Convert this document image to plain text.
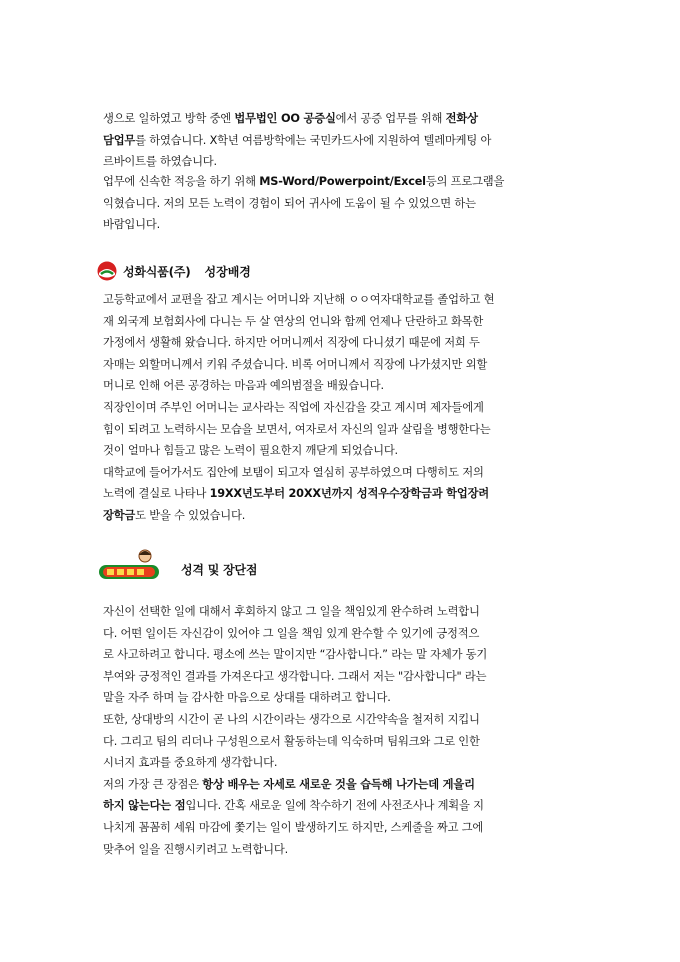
생으로 일하였고 방학 중엔 법무법인 OO 공증실에서 공증 업무를 위해 전화상
담업무를 하였습니다. X학년 여름방학에는 국민카드사에 지원하여 텔레마케팅 아
르바이트를 하였습니다.
업무에 신속한 적응을 하기 위해 MS-Word/Powerpoint/Excel등의 프로그램을
익혔습니다. 저의 모든 노력이 경험이 되어 귀사에 도움이 될 수 있었으면 하는
바람입니다.
성화식품(주) 성장배경
고등학교에서 교편을 잡고 계시는 어머니와 지난해 ㅇㅇ여자대학교를 졸업하고 현
재 외국계 보험회사에 다니는 두 살 연상의 언니와 함께 언제나 단란하고 화목한
가정에서 생활해 왔습니다. 하지만 어머니께서 직장에 다니셨기 때문에 저희 두
자매는 외할머니께서 키워 주셨습니다. 비록 어머니께서 직장에 나가셨지만 외할
머니로 인해 어른 공경하는 마음과 예의범절을 배웠습니다.
직장인이며 주부인 어머니는 교사라는 직업에 자신감을 갖고 계시며 제자들에게
힘이 되려고 노력하시는 모습을 보면서, 여자로서 자신의 일과 살림을 병행한다는
것이 얼마나 힘들고 많은 노력이 필요한지 깨닫게 되었습니다.
대학교에 들어가서도 집안에 보탬이 되고자 열심히 공부하였으며 다행히도 저의
노력에 결실로 나타나 19XX년도부터 20XX년까지 성적우수장학금과 학업장려
장학금도 받을 수 있었습니다.
성격 및 장단점
자신이 선택한 일에 대해서 후회하지 않고 그 일을 책임있게 완수하려 노력합니
다. 어떤 일이든 자신감이 있어야 그 일을 책임 있게 완수할 수 있기에 긍정적으
로 사고하려고 합니다. 평소에 쓰는 말이지만 “감사합니다.” 라는 말 자체가 동기
부여와 긍정적인 결과를 가져온다고 생각합니다. 그래서 저는 "감사합니다" 라는
말을 자주 하며 늘 감사한 마음으로 상대를 대하려고 합니다.
또한, 상대방의 시간이 곧 나의 시간이라는 생각으로 시간약속을 철저히 지킵니
다. 그리고 팀의 리더나 구성원으로서 활동하는데 익숙하며 팀워크와 그로 인한
시너지 효과를 중요하게 생각합니다.
저의 가장 큰 장점은 항상 배우는 자세로 새로운 것을 습득해 나가는데 게을리
하지 않는다는 점입니다. 간혹 새로운 일에 착수하기 전에 사전조사나 계획을 지
나치게 꼼꼼히 세워 마감에 쫓기는 일이 발생하기도 하지만, 스케줄을 짜고 그에
맞추어 일을 진행시키려고 노력합니다.
